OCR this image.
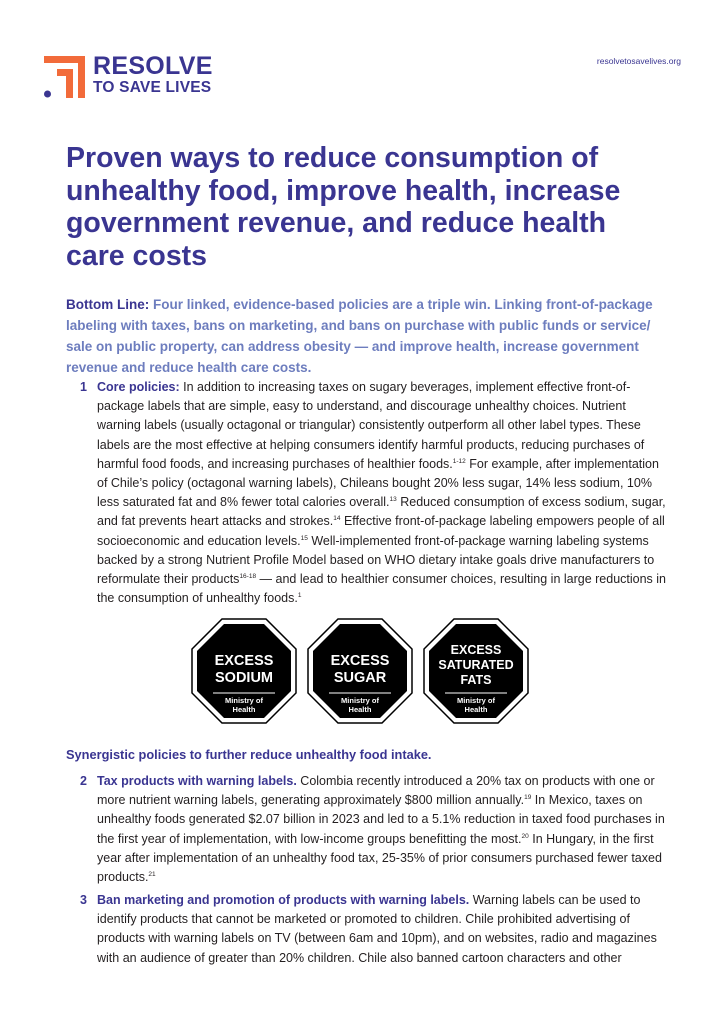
RESOLVE
TO SAVE LIVES
resolvetosavelives.org
Proven ways to reduce consumption of unhealthy food, improve health, increase government revenue, and reduce health care costs

Bottom Line: Four linked, evidence-based policies are a triple win. Linking front-of-package labeling with taxes, bans on marketing, and bans on purchase with public funds or service/ sale on public property, can address obesity — and improve health, increase government revenue and reduce health care costs.

1 Core policies: In addition to increasing taxes on sugary beverages, implement effective front-of-package labels that are simple, easy to understand, and discourage unhealthy choices. Nutrient warning labels (usually octagonal or triangular) consistently outperform all other label types. These labels are the most effective at helping consumers identify harmful products, reducing purchases of harmful food foods, and increasing purchases of healthier foods.$^{1-12}$ For example, after implementation of Chile’s policy (octagonal warning labels), Chileans bought 20% less sugar, 14% less sodium, 10% less saturated fat and 8% fewer total calories overall.$^{13}$ Reduced consumption of excess sodium, sugar, and fat prevents heart attacks and strokes.$^{14}$ Effective front-of-package labeling empowers people of all socioeconomic and education levels.$^{15}$ Well-implemented front-of-package warning labeling systems backed by a strong Nutrient Profile Model based on WHO dietary intake goals drive manufacturers to reformulate their products$^{16-18}$ — and lead to healthier consumer choices, resulting in large reductions in the consumption of unhealthy foods.$^1$

EXCESS
SODIUM
Ministry of
Health
EXCESS
SUGAR
Ministry of
Health
EXCESS
SATURATED
FATS
Ministry of
Health
Synergistic policies to further reduce unhealthy food intake.
2 Tax products with warning labels. Colombia recently introduced a 20% tax on products with one or more nutrient warning labels, generating approximately $800 million annually.$^{19}$ In Mexico, taxes on unhealthy foods generated $2.07 billion in 2023 and led to a 5.1% reduction in taxed food purchases in the first year of implementation, with low-income groups benefitting the most.$^{20}$ In Hungary, in the first year after implementation of an unhealthy food tax, 25-35% of prior consumers purchased fewer taxed products.$^{21}$

3 Ban marketing and promotion of products with warning labels. Warning labels can be used to identify products that cannot be marketed or promoted to children. Chile prohibited advertising of products with warning labels on TV (between 6am and 10pm), and on websites, radio and magazines with an audience of greater than 20% children. Chile also banned cartoon characters and other
